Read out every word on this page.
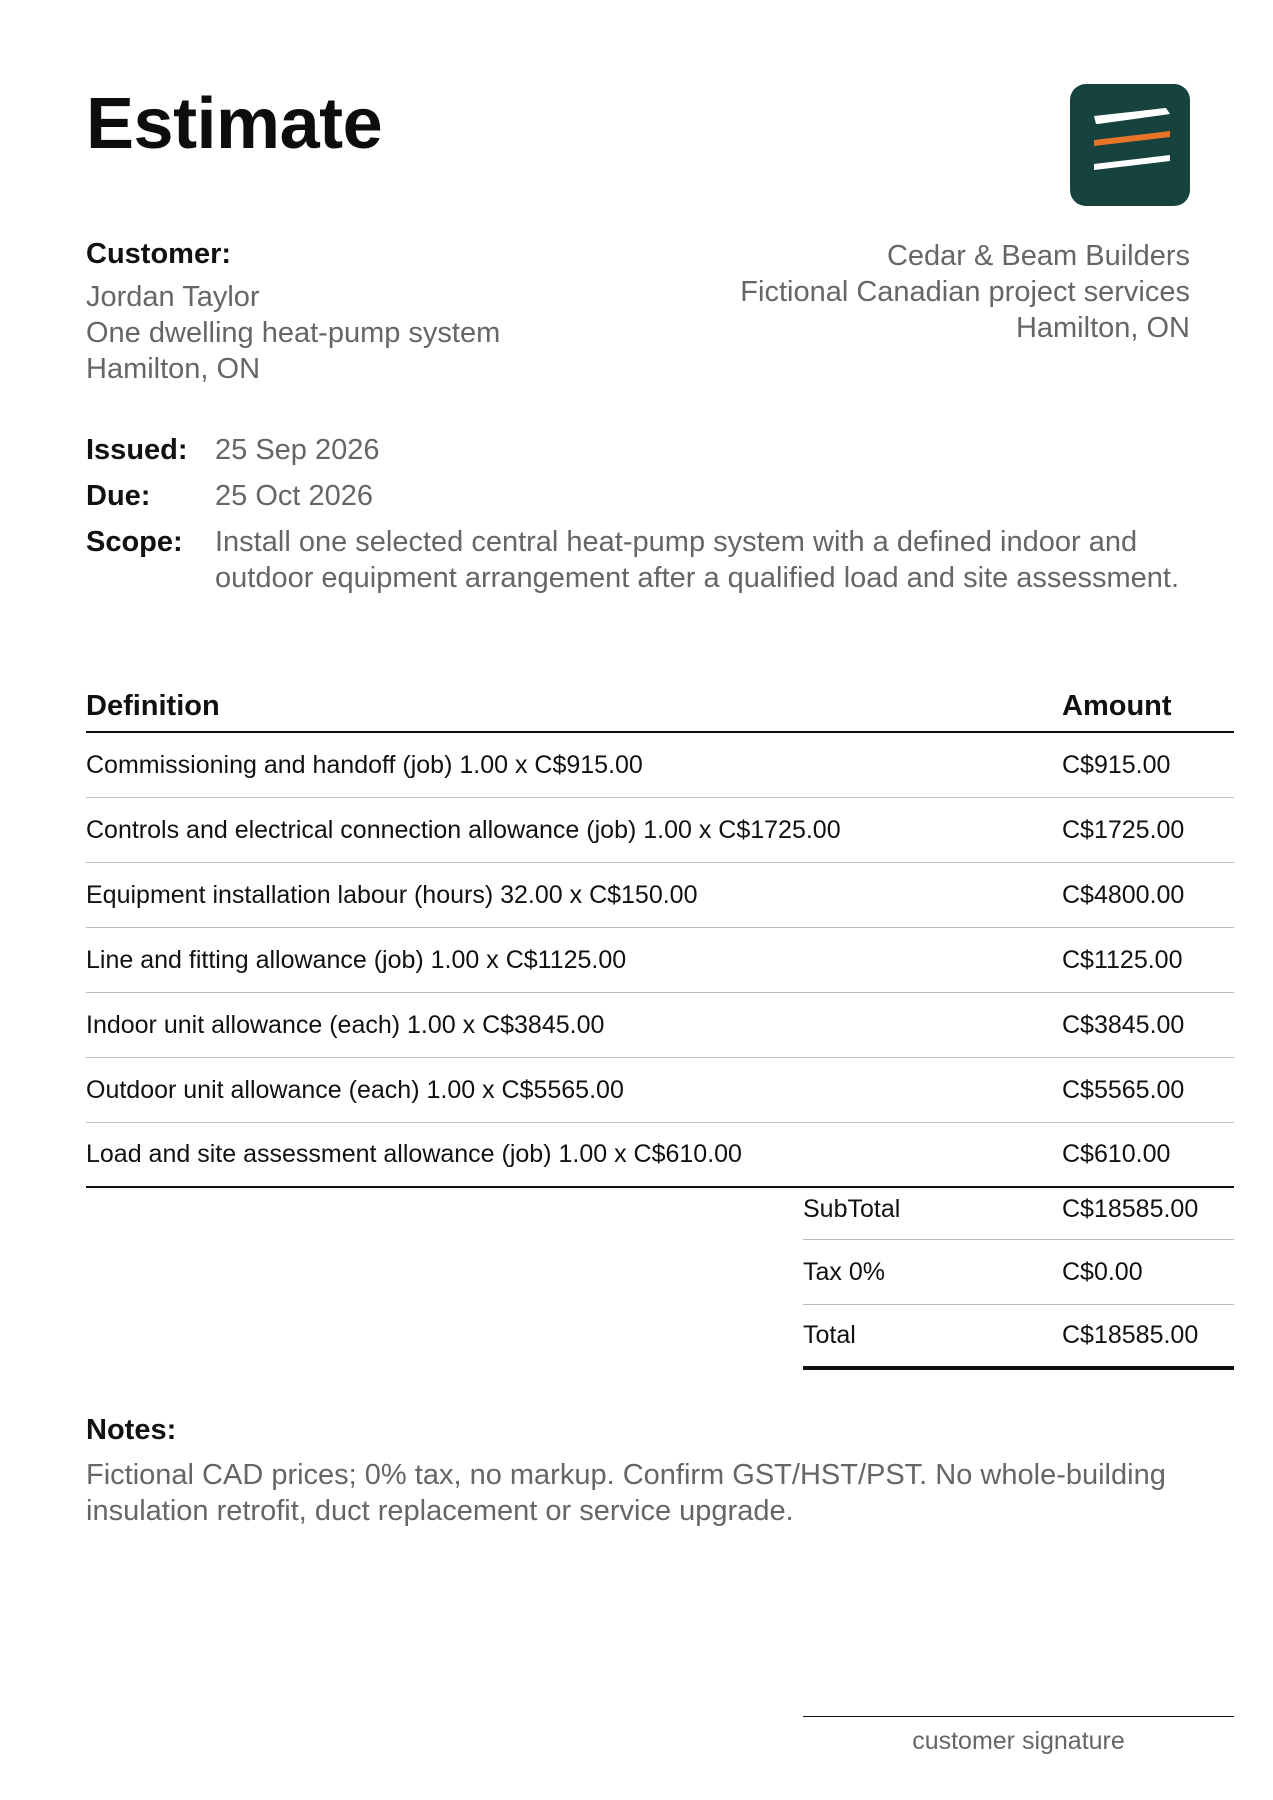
Estimate
Customer:
Jordan Taylor
One dwelling heat-pump system
Hamilton, ON
Cedar & Beam Builders
Fictional Canadian project services
Hamilton, ON
Issued: 25 Sep 2026
Due:	25 Oct 2026
Scope:	Install one selected central heat-pump system with a defined indoor and outdoor equipment arrangement after a qualified load and site assessment.
Definition	Amount
Commissioning and handoff (job) 1.00 x C$915.00	C$915.00
Controls and electrical connection allowance (job) 1.00 x C$1725.00	C$1725.00
Equipment installation labour (hours) 32.00 x C$150.00	C$4800.00
Line and fitting allowance (job) 1.00 x C$1125.00	C$1125.00
Indoor unit allowance (each) 1.00 x C$3845.00	C$3845.00
Outdoor unit allowance (each) 1.00 x C$5565.00	C$5565.00
Load and site assessment allowance (job) 1.00 x C$610.00	C$610.00
SubTotal	C$18585.00
Tax 0%	C$0.00
Total	C$18585.00
Notes:
Fictional CAD prices; 0% tax, no markup. Confirm GST/HST/PST. No whole-building insulation retrofit, duct replacement or service upgrade.
customer signature
